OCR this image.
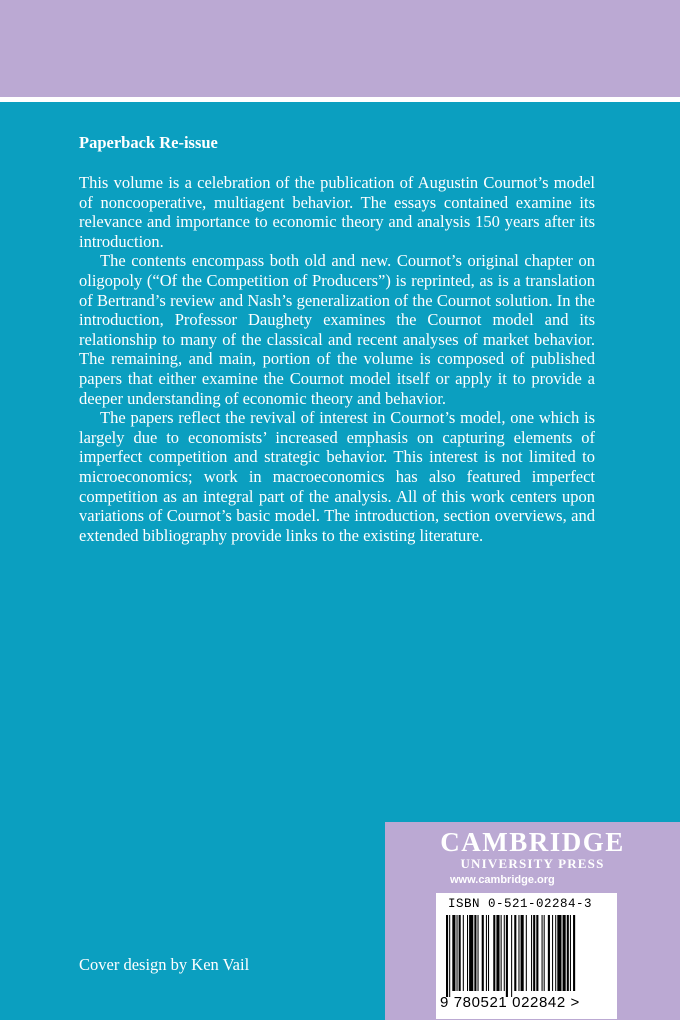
Paperback Re-issue

This volume is a celebration of the publication of Augustin Cournot’s model of noncooperative, multiagent behavior. The essays contained examine its relevance and importance to economic theory and analysis 150 years after its introduction.

The contents encompass both old and new. Cournot’s original chapter on oligopoly (“Of the Competition of Producers”) is reprinted, as is a translation of Bertrand’s review and Nash’s generalization of the Cournot solution. In the introduction, Professor Daughety examines the Cournot model and its relationship to many of the classical and recent analyses of market behavior. The remaining, and main, portion of the volume is composed of published papers that either examine the Cournot model itself or apply it to provide a deeper understanding of economic theory and behavior.

The papers reflect the revival of interest in Cournot’s model, one which is largely due to economists’ increased emphasis on capturing elements of imperfect competition and strategic behavior. This interest is not limited to microeconomics; work in macroeconomics has also featured imperfect competition as an integral part of the analysis. All of this work centers upon variations of Cournot’s basic model. The introduction, section overviews, and extended bibliography provide links to the existing literature.

Cover design by Ken Vail
CAMBRIDGE
UNIVERSITY PRESS
www.cambridge.org
ISBN 0-521-02284-3
9 780521 022842 >
